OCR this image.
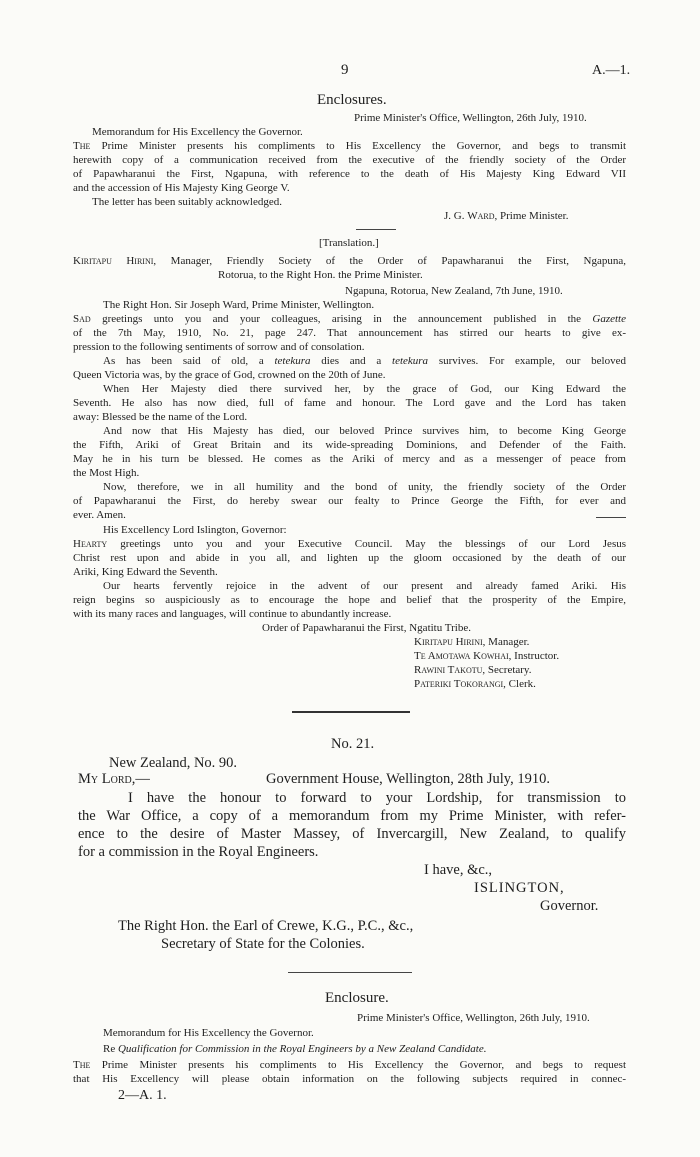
9	A.—1.
Enclosures.
Prime Minister's Office, Wellington, 26th July, 1910.
Memorandum for His Excellency the Governor.
The Prime Minister presents his compliments to His Excellency the Governor, and begs to transmit
herewith copy of a communication received from the executive of the friendly society of the Order
of Papawharanui the First, Ngapuna, with reference to the death of His Majesty King Edward VII
and the accession of His Majesty King George V.
The letter has been suitably acknowledged.
J. G. Ward, Prime Minister.
[Translation.]
Kiritapu Hirini, Manager, Friendly Society of the Order of Papawharanui the First, Ngapuna,
Rotorua, to the Right Hon. the Prime Minister.
Ngapuna, Rotorua, New Zealand, 7th June, 1910.
The Right Hon. Sir Joseph Ward, Prime Minister, Wellington.
Sad greetings unto you and your colleagues, arising in the announcement published in the Gazette
of the 7th May, 1910, No. 21, page 247. That announcement has stirred our hearts to give ex-
pression to the following sentiments of sorrow and of consolation.
As has been said of old, a tetekura dies and a tetekura survives. For example, our beloved
Queen Victoria was, by the grace of God, crowned on the 20th of June.
When Her Majesty died there survived her, by the grace of God, our King Edward the
Seventh. He also has now died, full of fame and honour. The Lord gave and the Lord has taken
away: Blessed be the name of the Lord.
And now that His Majesty has died, our beloved Prince survives him, to become King George
the Fifth, Ariki of Great Britain and its wide-spreading Dominions, and Defender of the Faith.
May he in his turn be blessed. He comes as the Ariki of mercy and as a messenger of peace from
the Most High.
Now, therefore, we in all humility and the bond of unity, the friendly society of the Order
of Papawharanui the First, do hereby swear our fealty to Prince George the Fifth, for ever and
ever. Amen.
His Excellency Lord Islington, Governor:
Hearty greetings unto you and your Executive Council. May the blessings of our Lord Jesus
Christ rest upon and abide in you all, and lighten up the gloom occasioned by the death of our
Ariki, King Edward the Seventh.
Our hearts fervently rejoice in the advent of our present and already famed Ariki. His
reign begins so auspiciously as to encourage the hope and belief that the prosperity of the Empire,
with its many races and languages, will continue to abundantly increase.
Order of Papawharanui the First, Ngatitu Tribe.
Kiritapu Hirini, Manager.
Te Amotawa Kowhai, Instructor.
Rawini Takotu, Secretary.
Pateriki Tokorangi, Clerk.
No. 21.
New Zealand, No. 90.
My Lord,—	Government House, Wellington, 28th July, 1910.
I have the honour to forward to your Lordship, for transmission to
the War Office, a copy of a memorandum from my Prime Minister, with refer-
ence to the desire of Master Massey, of Invercargill, New Zealand, to qualify
for a commission in the Royal Engineers.
I have, &c.,
ISLINGTON,
Governor.
The Right Hon. the Earl of Crewe, K.G., P.C., &c.,
Secretary of State for the Colonies.
Enclosure.
Prime Minister's Office, Wellington, 26th July, 1910.
Memorandum for His Excellency the Governor.
Re Qualification for Commission in the Royal Engineers by a New Zealand Candidate.
The Prime Minister presents his compliments to His Excellency the Governor, and begs to request
that His Excellency will please obtain information on the following subjects required in connec-
2—A. 1.
